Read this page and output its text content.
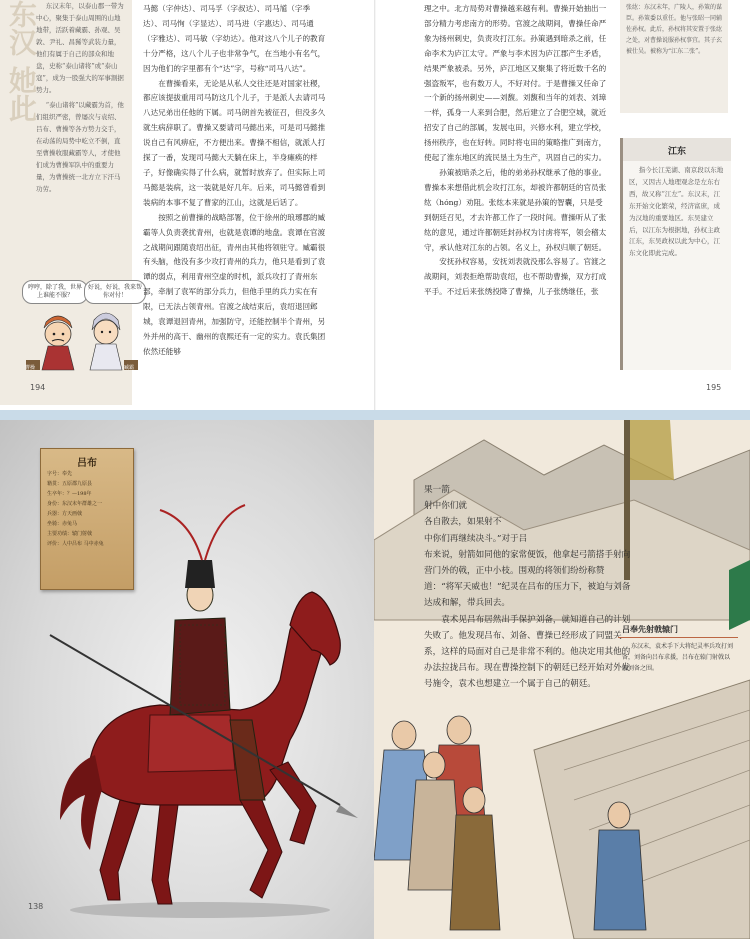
东汉 她此	东汉末年，以泰山郡一带为中心，聚集于泰山周围的山地地带，活跃着藏霸、孙观、吴敦、尹礼、昌豨等武装力量，他们有属于自己的部众和地盘，史称“泰山诸将”或“泰山寇”，成为一股强大的军事割据势力。

“泰山诸将”以藏霸为首，他们组织严密，曾屡次与袁绍、吕布、曹操等各方势力交手，在动荡的局势中屹立不倒，直至曹操收服藏霸等人，才使他们成为曹操军队中的重要力量，为曹操统一北方立下汗马功劳。

哼哼，除了我，世界上谁能不服？
好说，好说，我来帮你对付！
曹操	臧霸

马懿（字仲达）、司马孚（字叔达）、司马馗（字季达）、司马恂（字显达）、司马进（字惠达）、司马通（字雅达）、司马敏（字幼达）。他对这八个儿子的教育十分严格，这八个儿子也非常争气，在当地小有名气，因为他们的字里都有个“达”字，号称“司马八达”。

在曹操看来，无论是从私人交往还是对国家社稷，都应该提拔重用司马防这几个儿子，于是派人去请司马八达兄弟出任他的下属。司马朗首先被征召，但没多久就生病辞职了。曹操又要请司马懿出来，可是司马懿推说自己有风痹症，不方便出来。曹操不相信，就派人打探了一番，发现司马懿大天躺在床上，半身瘫痪的样子，好像确实得了什么病，就暂时放弃了。但实际上司马懿是装病，这一装就是好几年。后来，司马懿曾看到装病的本事不复了曹家的江山，这就是后话了。

按照之前曹操的战略部署，位于徐州的琅琊郡的臧霸等人负责袭扰青州，也就是袁谭的地盘。袁谭在官渡之战期间跟随袁绍出征，青州由其他将领驻守。臧霸很有头脑，他没有多少攻打青州的兵力，他只是看到了袁谭的弱点，利用青州空虚的时机，派兵攻打了青州东部，牵制了袁军的部分兵力，但他手里的兵力实在有限，已无法占领青州。官渡之战结束后，袁绍退回邺城，袁谭退回青州，加强防守，还能控制半个青州，另外并州的高干、幽州的袁熙还有一定的实力。袁氏集团依然还能够

194

理之中。北方局势对曹操越来越有利。曹操开始抽出一部分精力考虑南方的形势。官渡之战期间，曹操任命严象为扬州刺史，负责攻打江东。孙策遇到暗杀之前，任命李术为庐江太守。严象与李术因为庐江郡产生矛盾，结果严象被杀。另外，庐江地区又聚集了将近数千名的强盗叛军，也有数万人，不好对付。于是曹操又任命了一个新的扬州刺史——刘馥。刘馥和当年的刘表、刘璋一样，孤身一人来到合肥，然后建立了合肥空城，就近招安了自己的部属，发展屯田，兴修水利，建立学校，扬州秩序，也在好转。同时将屯田的策略推广到南方，使起了淮东地区的流民垦土为生产，巩固自己的实力。

孙策被暗杀之后，他的弟弟孙权继承了他的事业。曹操本来想借此机会攻打江东，却被许都朝廷的官员张纮（hóng）劝阻。张纮本来就是孙策的智囊，只是受到朝廷召见，才去许都工作了一段时间。曹操听从了张纮的意见，通过许都朝廷封孙权为讨虏将军，领会稽太守，承认他对江东的占领。名义上，孙权归顺了朝廷。

安抚孙权容易，安抚刘表就没那么容易了。官渡之战期间，刘表拒绝帮助袁绍，也不帮助曹操，双方打成平手。不过后来张绣投降了曹操，儿子张绣继任，张

张纮：东汉末年，广陵人，孙策的谋臣。孙策委以重任。他与张昭一同辅佐孙权。此后，孙权将其安置于张纮之处，对曹操说服孙权事宜。其子玄被仕吴。被称为“江东二张”。
江东
指今长江芜湖、南京段以东地区，又因古人地理观念是左东右西，故又称“江左”。东汉末，江东开始文化繁荣，经济富庶，成为汉地的重要地区。东吴建立后，以江东为根据地，孙权主政江东，东吴政权以此为中心，江东文化即此完成。
195
吕布
字号：奉先
籍贯：五原郡九原县
生卒年：？—198年
身份：东汉末年群雄之一
兵器：方天画戟
坐骑：赤兔马
主要功绩：辕门射戟
评价：人中吕布 马中赤兔
138

果一箭

射中你们就

各自散去，如果射不

中你们再继续决斗。”对于吕

布来说，射箭如同他的家常便饭，他拿起弓箭搭手射向营门外的戟，正中小枝。围观的将领们纷纷称赞道：“将军天威也！”纪灵在吕布的压力下，被迫与刘备达成和解，带兵回去。

袁术见吕布居然出手保护刘备，就知道自己的计划失败了。他发现吕布、刘备、曹操已经形成了同盟关系，这样的局面对自己是非常不利的。他决定用其他的办法拉拢吕布。现在曹操控制下的朝廷已经开始对外发号施令，袁术也想建立一个属于自己的朝廷。

吕奉先射戟辕门
东汉末，袁术手下大将纪灵率兵攻打刘备，刘备向吕布求援，吕布在辕门射戟以解刘备之围。
